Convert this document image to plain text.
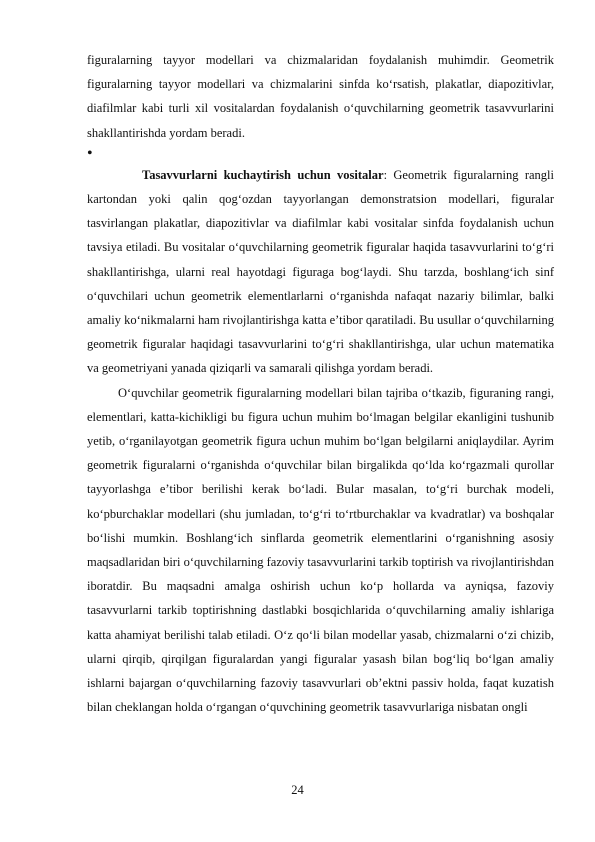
figuralarning tayyor modellari va chizmalaridan foydalanish muhimdir. Geometrik figuralarning tayyor modellari va chizmalarini sinfda ko‘rsatish, plakatlar, diapozitivlar, diafilmlar kabi turli xil vositalardan foydalanish o‘quvchilarning geometrik tasavvurlarini shakllantirishda yordam beradi.

•

Tasavvurlarni kuchaytirish uchun vositalar: Geometrik figuralarning rangli kartondan yoki qalin qog‘ozdan tayyorlangan demonstratsion modellari, figuralar tasvirlangan plakatlar, diapozitivlar va diafilmlar kabi vositalar sinfda foydalanish uchun tavsiya etiladi. Bu vositalar o‘quvchilarning geometrik figuralar haqida tasavvurlarini to‘g‘ri shakllantirishga, ularni real hayotdagi figuraga bog‘laydi. Shu tarzda, boshlang‘ich sinf o‘quvchilari uchun geometrik elementlarlarni o‘rganishda nafaqat nazariy bilimlar, balki amaliy ko‘nikmalarni ham rivojlantirishga katta e’tibor qaratiladi. Bu usullar o‘quvchilarning geometrik figuralar haqidagi tasavvurlarini to‘g‘ri shakllantirishga, ular uchun matematika va geometriyani yanada qiziqarli va samarali qilishga yordam beradi.

O‘quvchilar geometrik figuralarning modellari bilan tajriba o‘tkazib, figuraning rangi, elementlari, katta-kichikligi bu figura uchun muhim bo‘lmagan belgilar ekanligini tushunib yetib, o‘rganilayotgan geometrik figura uchun muhim bo‘lgan belgilarni aniqlaydilar. Ayrim geometrik figuralarni o‘rganishda o‘quvchilar bilan birgalikda qo‘lda ko‘rgazmali qurollar tayyorlashga e’tibor berilishi kerak bo‘ladi. Bular masalan, to‘g‘ri burchak modeli, ko‘pburchaklar modellari (shu jumladan, to‘g‘ri to‘rtburchaklar va kvadratlar) va boshqalar bo‘lishi mumkin. Boshlang‘ich sinflarda geometrik elementlarini o‘rganishning asosiy maqsadlaridan biri o‘quvchilarning fazoviy tasavvurlarini tarkib toptirish va rivojlantirishdan iboratdir. Bu maqsadni amalga oshirish uchun ko‘p hollarda va ayniqsa, fazoviy tasavvurlarni tarkib toptirishning dastlabki bosqichlarida o‘quvchilarning amaliy ishlariga katta ahamiyat berilishi talab etiladi. O‘z qo‘li bilan modellar yasab, chizmalarni o‘zi chizib, ularni qirqib, qirqilgan figuralardan yangi figuralar yasash bilan bog‘liq bo‘lgan amaliy ishlarni bajargan o‘quvchilarning fazoviy tasavvurlari ob’ektni passiv holda, faqat kuzatish bilan cheklangan holda o‘rgangan o‘quvchining geometrik tasavvurlariga nisbatan ongli

24
